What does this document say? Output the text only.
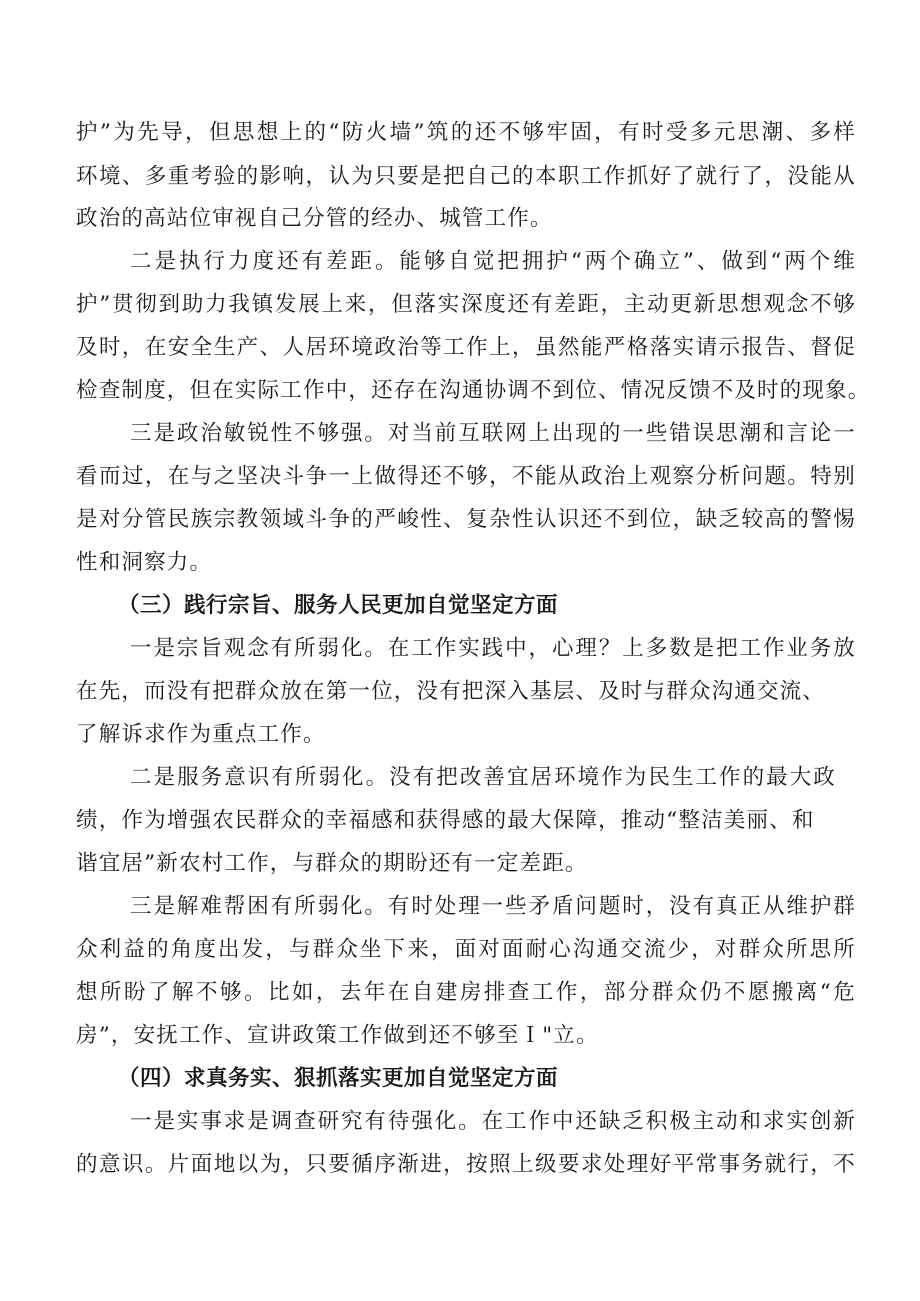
护”为先导，但思想上的“防火墙”筑的还不够牢固，有时受多元思潮、多样
环境、多重考验的影响，认为只要是把自己的本职工作抓好了就行了，没能从
政治的高站位审视自己分管的经办、城管工作。
二是执行力度还有差距。能够自觉把拥护“两个确立”、做到“两个维
护”贯彻到助力我镇发展上来，但落实深度还有差距，主动更新思想观念不够
及时，在安全生产、人居环境政治等工作上，虽然能严格落实请示报告、督促
检查制度，但在实际工作中，还存在沟通协调不到位、情况反馈不及时的现象。
三是政治敏锐性不够强。对当前互联网上出现的一些错误思潮和言论一
看而过，在与之坚决斗争一上做得还不够，不能从政治上观察分析问题。特别
是对分管民族宗教领域斗争的严峻性、复杂性认识还不到位，缺乏较高的警惕
性和洞察力。
（三）践行宗旨、服务人民更加自觉坚定方面
一是宗旨观念有所弱化。在工作实践中，心理？上多数是把工作业务放
在先，而没有把群众放在第一位，没有把深入基层、及时与群众沟通交流、
了解诉求作为重点工作。
二是服务意识有所弱化。没有把改善宜居环境作为民生工作的最大政
绩，作为增强农民群众的幸福感和获得感的最大保障，推动“整洁美丽、和
谐宜居”新农村工作，与群众的期盼还有一定差距。
三是解难帮困有所弱化。有时处理一些矛盾问题时，没有真正从维护群
众利益的角度出发，与群众坐下来，面对面耐心沟通交流少，对群众所思所
想所盼了解不够。比如，去年在自建房排查工作，部分群众仍不愿搬离“危
房”，安抚工作、宣讲政策工作做到还不够至Ｉ"立。
（四）求真务实、狠抓落实更加自觉坚定方面
一是实事求是调查研究有待强化。在工作中还缺乏积极主动和求实创新
的意识。片面地以为，只要循序渐进，按照上级要求处理好平常事务就行，不
